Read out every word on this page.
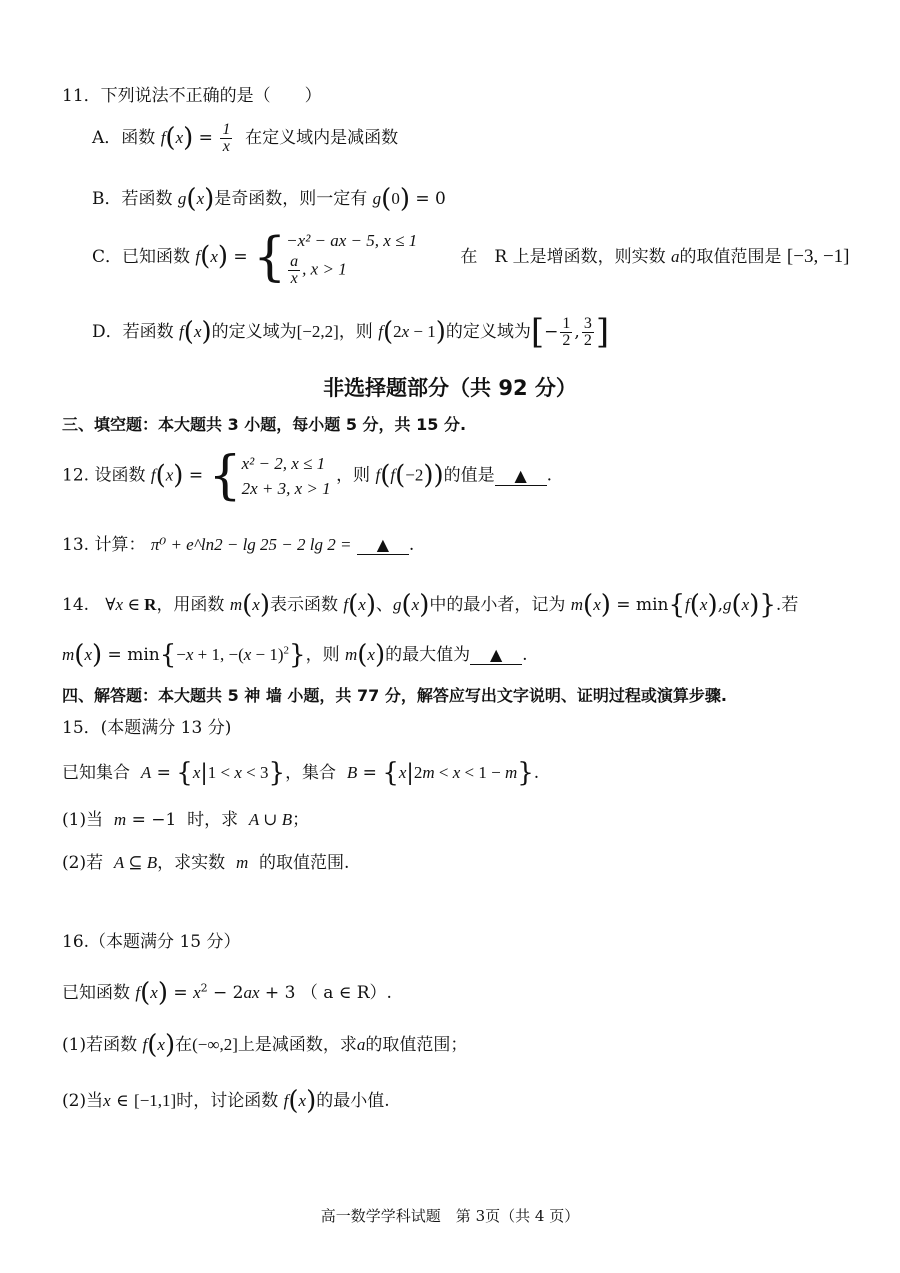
11．下列说法不正确的是（　　）
A．函数 $f(x) = \frac{1}{x}$ 在定义域内是减函数
B．若函数 g(x)是奇函数，则一定有 g(0) = 0
C．已知函数 f(x) = { −x² − ax − 5, x ≤ 1
$\frac{a}{x}$ , x > 1
在　R 上是增函数，则实数 a的取值范围是 [−3, −1]
D．若函数 f(x)的定义域为[−2,2]，则 f(2x − 1)的定义域为[− $\frac{1}{2}$ , $\frac{3}{2}$ ]
非选择题部分（共 92 分）
三、填空题：本大题共 3 小题，每小题 5 分，共 15 分.
12. 设函数 f(x) = { x² − 2, x ≤ 1
2x + 3, x > 1
，则 f(f(−2))的值是 ▲ .
13. 计算： π⁰ + e^ln2 − lg 25 − 2 lg 2 = ▲ .
14. ∀x ∈ R，用函数 m(x)表示函数 f(x)、g(x)中的最小者，记为 m(x) = min{f(x),g(x)}.若
m(x) = min{−x + 1, $-(x - 1)^2$}，则 m(x)的最大值为 ▲ .
四、解答题：本大题共 5 神 墙 小题，共 77 分，解答应写出文字说明、证明过程或演算步骤.
15．(本题满分 13 分)
已知集合 A = {x|1 < x < 3}，集合 B = {x|2m < x < 1 − m}.
(1)当 m = −1  时，求 A ∪ B；
(2)若 A ⊆ B，求实数 m 的取值范围.
16.（本题满分 15 分）
已知函数 $f(x) = x^2 - 2ax + 3$ （ a ∈ R）.
(1)若函数 f(x)在(−∞,2]上是减函数，求a的取值范围；
(2)当x ∈ [−1,1]时，讨论函数 f(x)的最小值.
高一数学学科试题　第 3页（共 4 页）
